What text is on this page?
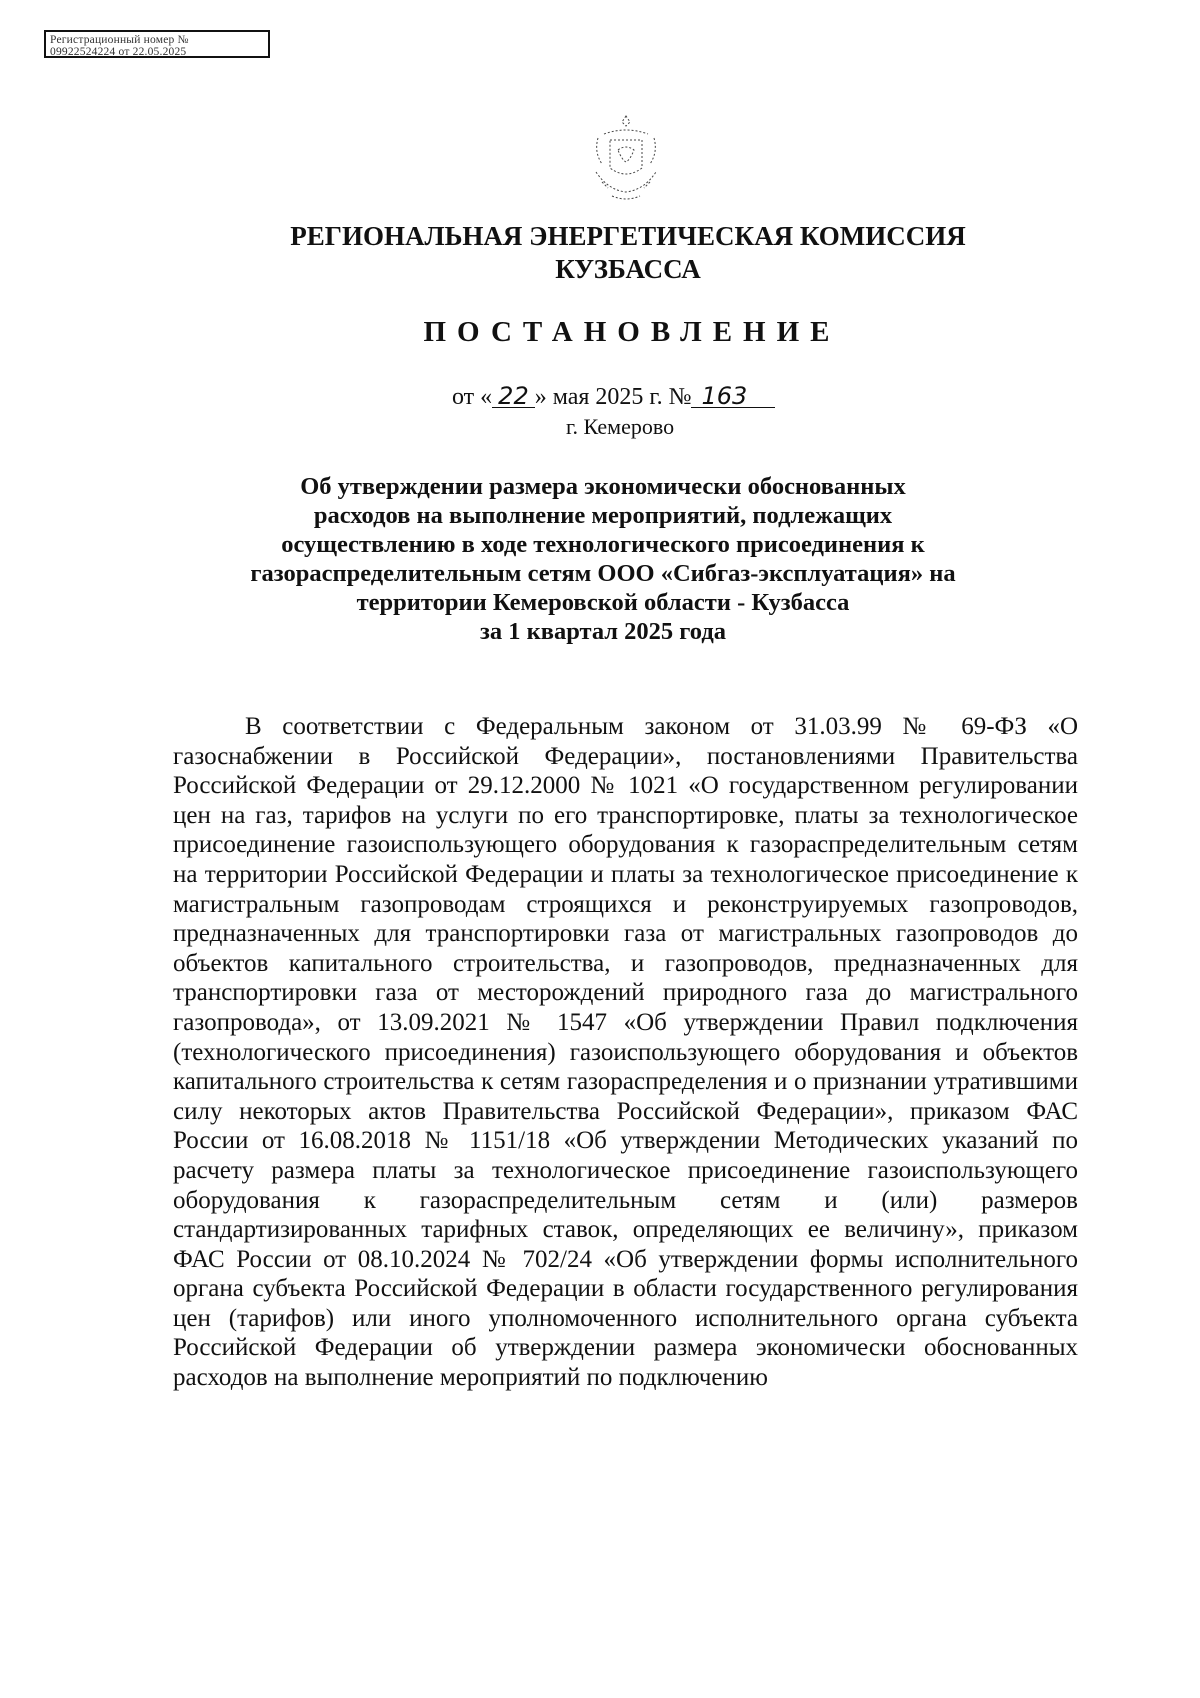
Регистрационный номер №
09922524224 от 22.05.2025
РЕГИОНАЛЬНАЯ ЭНЕРГЕТИЧЕСКАЯ КОМИССИЯ
КУЗБАССА
ПОСТАНОВЛЕНИЕ
от « 22 » мая 2025 г. № 163
г. Кемерово
Об утверждении размера экономически обоснованных
расходов на выполнение мероприятий, подлежащих
осуществлению в ходе технологического присоединения к
газораспределительным сетям ООО «Сибгаз-эксплуатация» на
территории Кемеровской области - Кузбасса
за 1 квартал 2025 года

В соответствии с Федеральным законом от 31.03.99 № 69-ФЗ «О газоснабжении в Российской Федерации», постановлениями Правительства Российской Федерации от 29.12.2000 № 1021 «О государственном регулировании цен на газ, тарифов на услуги по его транспортировке, платы за технологическое присоединение газоиспользующего оборудования к газораспределительным сетям на территории Российской Федерации и платы за технологическое присоединение к магистральным газопроводам строящихся и реконструируемых газопроводов, предназначенных для транспортировки газа от магистральных газопроводов до объектов капитального строительства, и газопроводов, предназначенных для транспортировки газа от месторождений природного газа до магистрального газопровода», от 13.09.2021 № 1547 «Об утверждении Правил подключения (технологического присоединения) газоиспользующего оборудования и объектов капитального строительства к сетям газораспределения и о признании утратившими силу некоторых актов Правительства Российской Федерации», приказом ФАС России от 16.08.2018 № 1151/18 «Об утверждении Методических указаний по расчету размера платы за технологическое присоединение газоиспользующего оборудования к газораспределительным сетям и (или) размеров стандартизированных тарифных ставок, определяющих ее величину», приказом ФАС России от 08.10.2024 № 702/24 «Об утверждении формы исполнительного органа субъекта Российской Федерации в области государственного регулирования цен (тарифов) или иного уполномоченного исполнительного органа субъекта Российской Федерации об утверждении размера экономически обоснованных расходов на выполнение мероприятий по подключению
